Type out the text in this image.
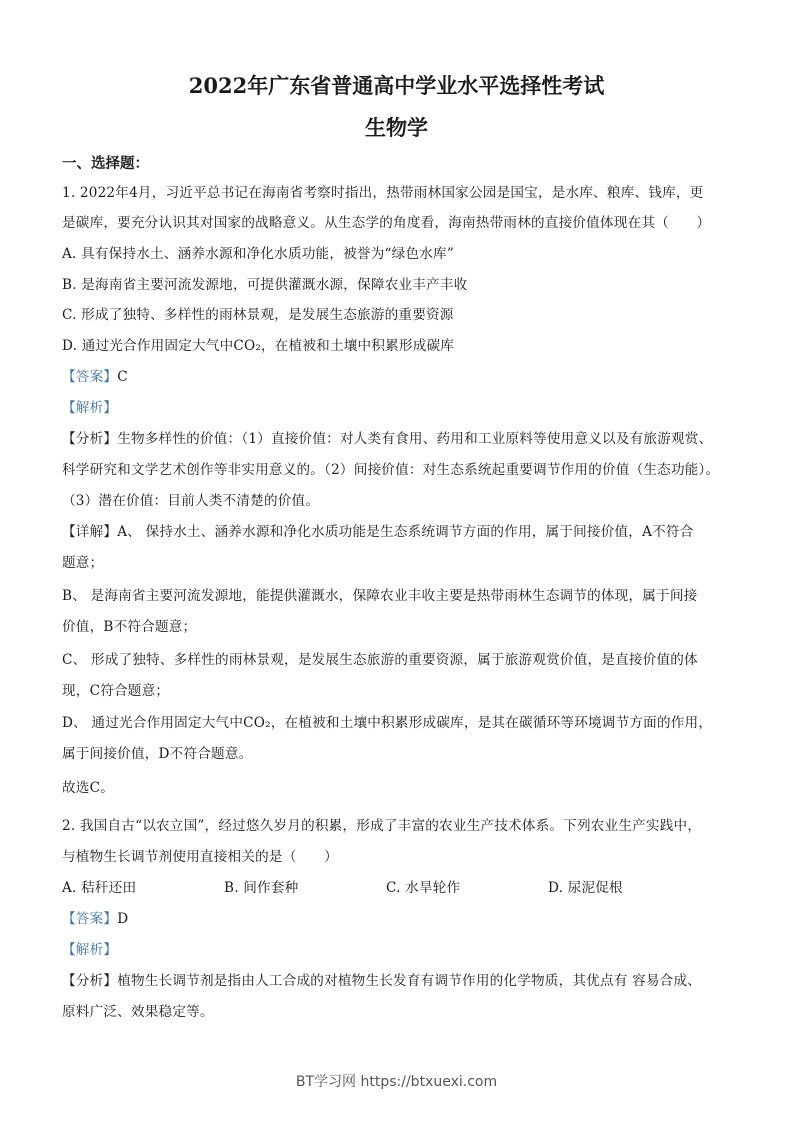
2022年广东省普通高中学业水平选择性考试
生物学
一、选择题：
1. 2022年4月，习近平总书记在海南省考察时指出，热带雨林国家公园是国宝，是水库、粮库、钱库，更
是碳库，要充分认识其对国家的战略意义。从生态学的角度看，海南热带雨林的直接价值体现在其（　　）
A. 具有保持水土、涵养水源和净化水质功能，被誉为“绿色水库”
B. 是海南省主要河流发源地，可提供灌溉水源，保障农业丰产丰收
C. 形成了独特、多样性的雨林景观，是发展生态旅游的重要资源
D. 通过光合作用固定大气中CO₂，在植被和土壤中积累形成碳库
【答案】C
【解析】
【分析】生物多样性的价值：（1）直接价值：对人类有食用、药用和工业原料等使用意义以及有旅游观赏、
科学研究和文学艺术创作等非实用意义的。（2）间接价值：对生态系统起重要调节作用的价值（生态功能）。
（3）潜在价值：目前人类不清楚的价值。
【详解】A、 保持水土、涵养水源和净化水质功能是生态系统调节方面的作用，属于间接价值，A不符合
题意；
B、 是海南省主要河流发源地，能提供灌溉水，保障农业丰收主要是热带雨林生态调节的体现，属于间接
价值，B不符合题意；
C、 形成了独特、多样性的雨林景观，是发展生态旅游的重要资源，属于旅游观赏价值，是直接价值的体
现，C符合题意；
D、 通过光合作用固定大气中CO₂，在植被和土壤中积累形成碳库，是其在碳循环等环境调节方面的作用，
属于间接价值，D不符合题意。
故选C。
2. 我国自古“以农立国”，经过悠久岁月的积累，形成了丰富的农业生产技术体系。下列农业生产实践中，
与植物生长调节剂使用直接相关的是（　　）
A. 秸秆还田	B. 间作套种	C. 水旱轮作	D. 尿泥促根
【答案】D
【解析】
【分析】植物生长调节剂是指由人工合成的对植物生长发育有调节作用的化学物质，其优点有 容易合成、
原料广泛、效果稳定等。
BT学习网 https://btxuexi.com
